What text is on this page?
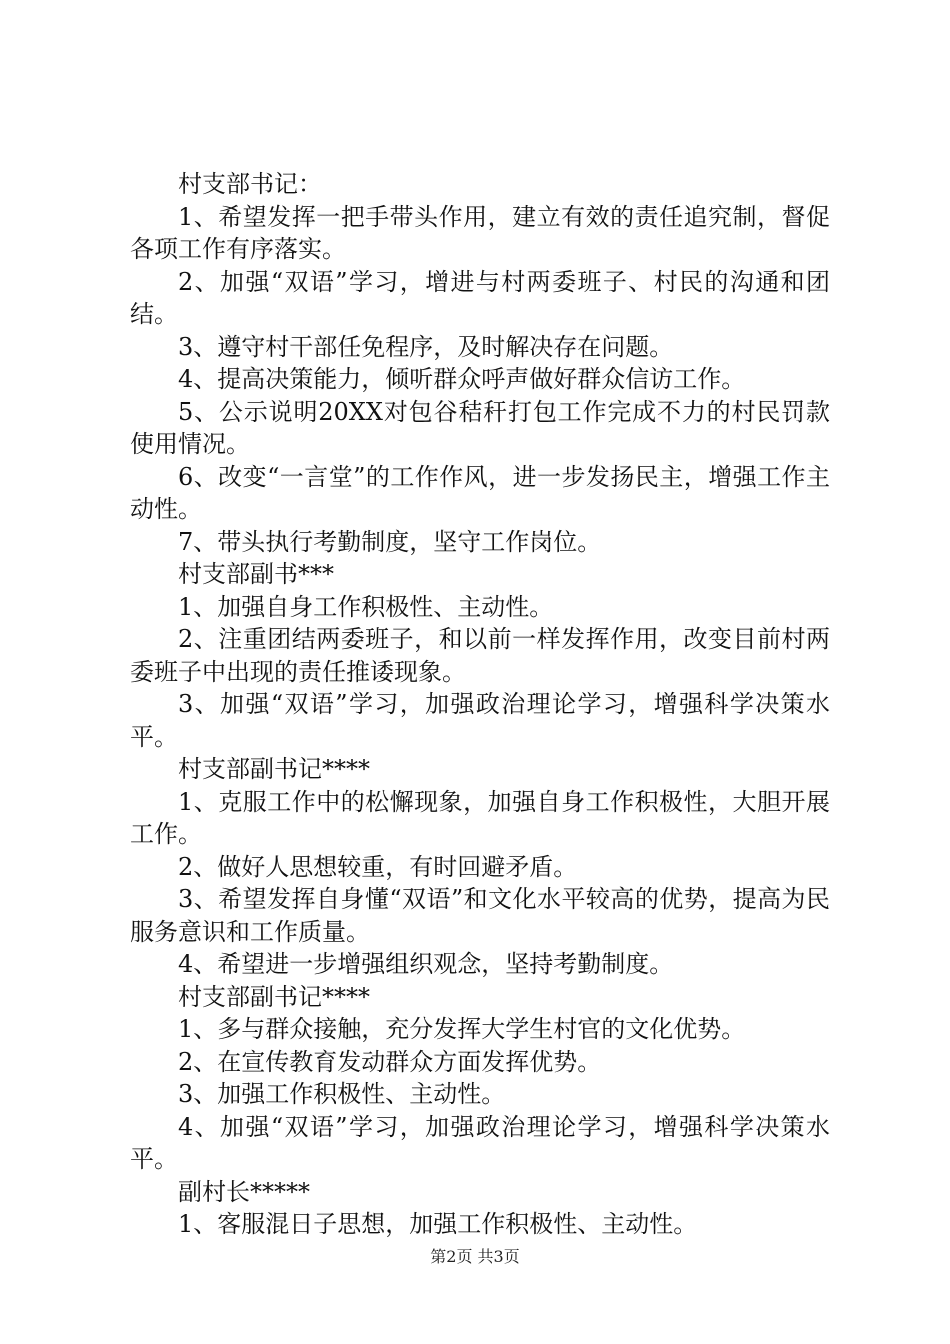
村支部书记：

1、希望发挥一把手带头作用，建立有效的责任追究制，督促各项工作有序落实。

2、加强“双语”学习，增进与村两委班子、村民的沟通和团结。

3、遵守村干部任免程序，及时解决存在问题。

4、提高决策能力，倾听群众呼声做好群众信访工作。

5、公示说明20XX对包谷秸秆打包工作完成不力的村民罚款使用情况。

6、改变“一言堂”的工作作风，进一步发扬民主，增强工作主动性。

7、带头执行考勤制度，坚守工作岗位。

村支部副书***

1、加强自身工作积极性、主动性。

2、注重团结两委班子，和以前一样发挥作用，改变目前村两委班子中出现的责任推诿现象。

3、加强“双语”学习，加强政治理论学习，增强科学决策水平。

村支部副书记****

1、克服工作中的松懈现象，加强自身工作积极性，大胆开展工作。

2、做好人思想较重，有时回避矛盾。

3、希望发挥自身懂“双语”和文化水平较高的优势，提高为民服务意识和工作质量。

4、希望进一步增强组织观念，坚持考勤制度。

村支部副书记****

1、多与群众接触，充分发挥大学生村官的文化优势。

2、在宣传教育发动群众方面发挥优势。

3、加强工作积极性、主动性。

4、加强“双语”学习，加强政治理论学习，增强科学决策水平。

副村长*****

1、客服混日子思想，加强工作积极性、主动性。

第2页 共3页
